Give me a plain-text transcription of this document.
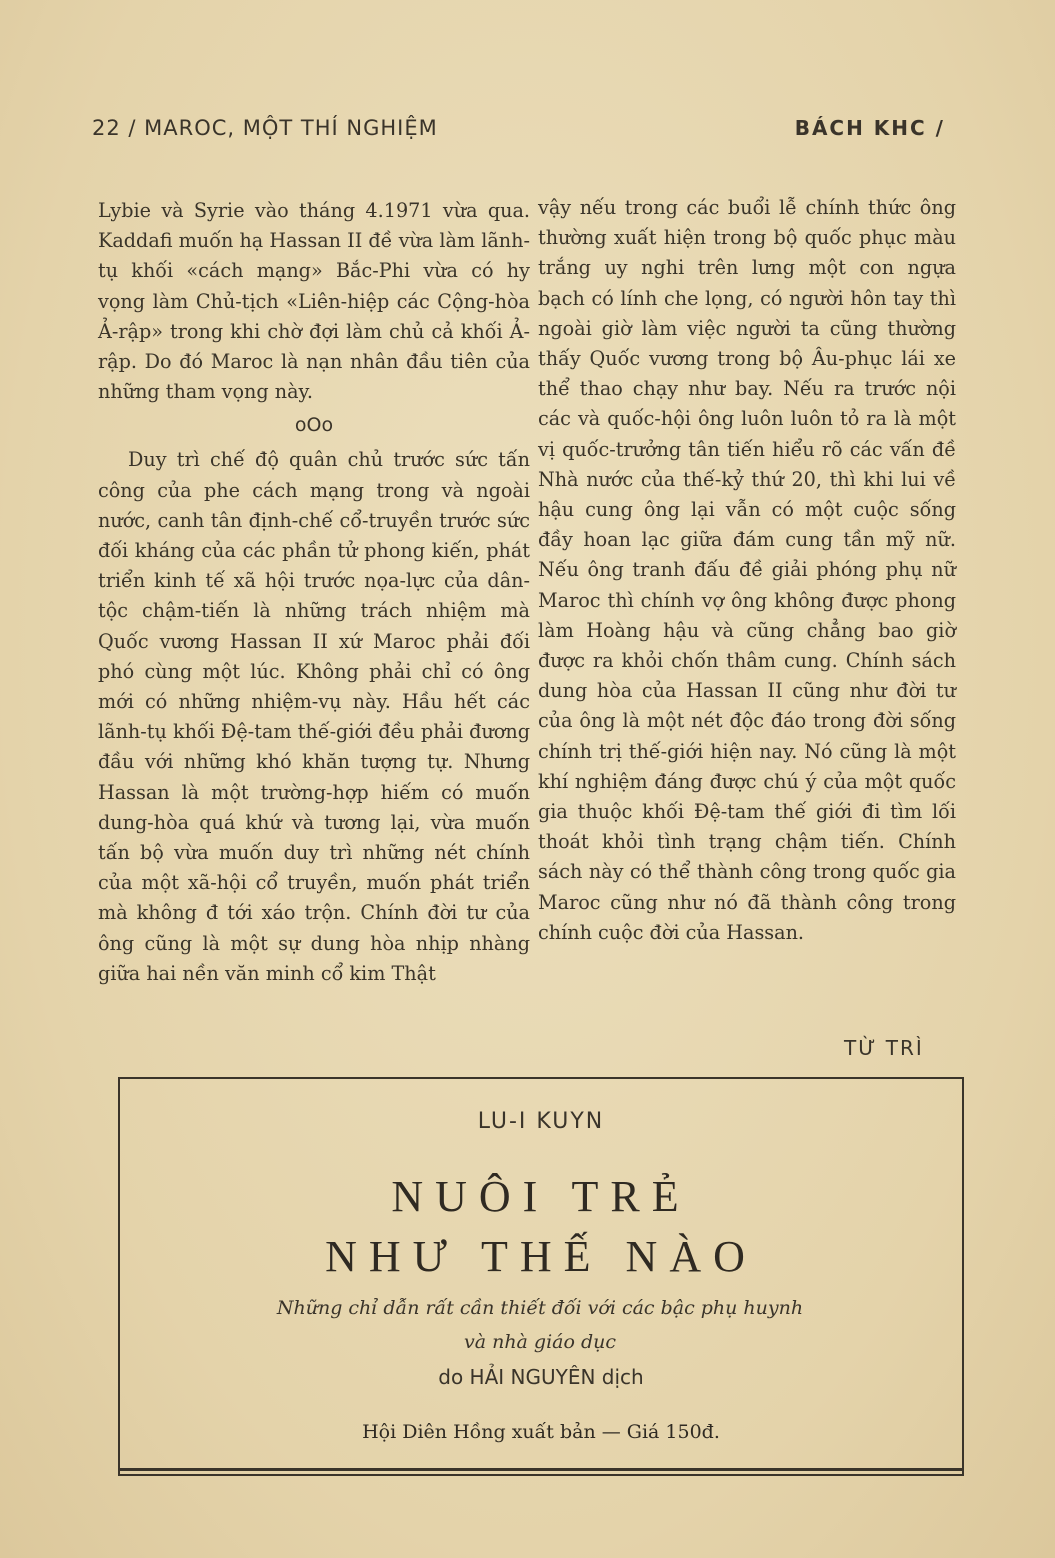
22 / MAROC, MỘT THÍ NGHIỆM	BÁCH KHC /

Lybie và Syrie vào tháng 4.1971 vừa qua. Kaddafi muốn hạ Hassan II đề vừa làm lãnh-tụ khối «cách mạng» Bắc-Phi vừa có hy vọng làm Chủ-tịch «Liên-hiệp các Cộng-hòa Ả-rập» trong khi chờ đợi làm chủ cả khối Ả-rập. Do đó Maroc là nạn nhân đầu tiên của những tham vọng này.

oOo

Duy trì chế độ quân chủ trước sức tấn công của phe cách mạng trong và ngoài nước, canh tân định-chế cổ-truyền trước sức đối kháng của các phần tử phong kiến, phát triển kinh tế xã hội trước nọa-lực của dân-tộc chậm-tiến là những trách nhiệm mà Quốc vương Hassan II xứ Maroc phải đối phó cùng một lúc. Không phải chỉ có ông mới có những nhiệm-vụ này. Hầu hết các lãnh-tụ khối Đệ-tam thế-giới đều phải đương đầu với những khó khăn tượng tự. Nhưng Hassan là một trường-hợp hiếm có muốn dung-hòa quá khứ và tương lại, vừa muốn tấn bộ vừa muốn duy trì những nét chính của một xã-hội cổ truyền, muốn phát triển mà không đ tới xáo trộn. Chính đời tư của ông cũng là một sự dung hòa nhịp nhàng giữa hai nền văn minh cổ kim Thật

vậy nếu trong các buổi lễ chính thức ông thường xuất hiện trong bộ quốc phục màu trắng uy nghi trên lưng một con ngựa bạch có lính che lọng, có người hôn tay thì ngoài giờ làm việc người ta cũng thường thấy Quốc vương trong bộ Âu-phục lái xe thể thao chạy như bay. Nếu ra trước nội các và quốc-hội ông luôn luôn tỏ ra là một vị quốc-trưởng tân tiến hiểu rõ các vấn đề Nhà nước của thế-kỷ thứ 20, thì khi lui về hậu cung ông lại vẫn có một cuộc sống đầy hoan lạc giữa đám cung tần mỹ nữ. Nếu ông tranh đấu đề giải phóng phụ nữ Maroc thì chính vợ ông không được phong làm Hoàng hậu và cũng chẳng bao giờ được ra khỏi chốn thâm cung. Chính sách dung hòa của Hassan II cũng như đời tư của ông là một nét độc đáo trong đời sống chính trị thế-giới hiện nay. Nó cũng là một khí nghiệm đáng được chú ý của một quốc gia thuộc khối Đệ-tam thế giới đi tìm lối thoát khỏi tình trạng chậm tiến. Chính sách này có thể thành công trong quốc gia Maroc cũng như nó đã thành công trong chính cuộc đời của Hassan.

TỪ TRÌ
LU-I KUYN
NUÔI TRẺ
NHƯ THẾ NÀO
Những chỉ dẫn rất cần thiết đối với các bậc phụ huynh
và nhà giáo dục
do HẢI NGUYÊN dịch
Hội Diên Hồng xuất bản — Giá 150đ.
